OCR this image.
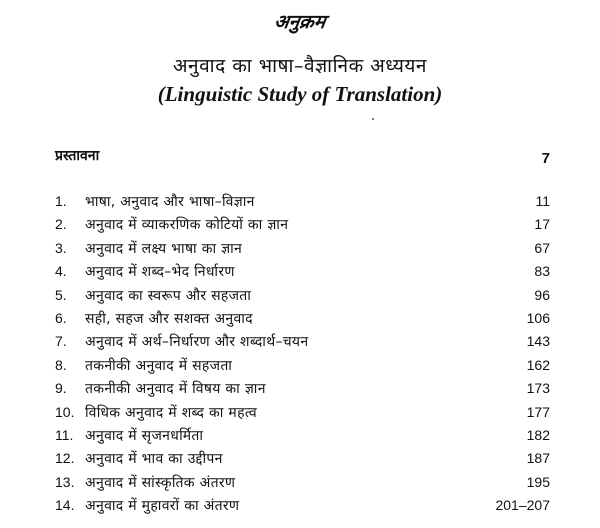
अनुक्रम
अनुवाद का भाषा–वैज्ञानिक अध्ययन
(Linguistic Study of Translation)
प्रस्तावना	7
1.	भाषा, अनुवाद और भाषा–विज्ञान	11
2.	अनुवाद में व्याकरणिक कोटियों का ज्ञान	17
3.	अनुवाद में लक्ष्य भाषा का ज्ञान	67
4.	अनुवाद में शब्द–भेद निर्धारण	83
5.	अनुवाद का स्वरूप और सहजता	96
6.	सही, सहज और सशक्त अनुवाद	106
7.	अनुवाद में अर्थ–निर्धारण और शब्दार्थ–चयन	143
8.	तकनीकी अनुवाद में सहजता	162
9.	तकनीकी अनुवाद में विषय का ज्ञान	173
10. विधिक अनुवाद में शब्द का महत्व	177
11. अनुवाद में सृजनधर्मिता	182
12. अनुवाद में भाव का उद्दीपन	187
13. अनुवाद में सांस्कृतिक अंतरण	195
14. अनुवाद में मुहावरों का अंतरण	201–207
